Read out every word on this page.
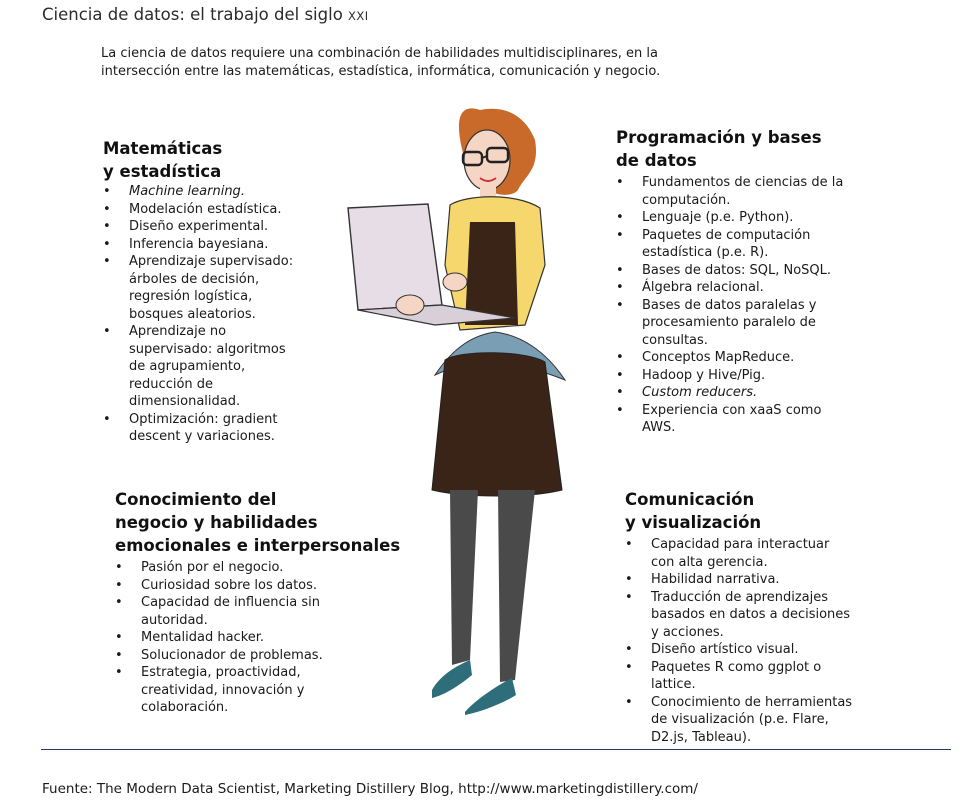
Ciencia de datos: el trabajo del siglo XXI
La ciencia de datos requiere una combinación de habilidades multidisciplinares, en la intersección entre las matemáticas, estadística, informática, comunicación y negocio.
Matemáticas
y estadística
• Machine learning.
• Modelación estadística.
• Diseño experimental.
• Inferencia bayesiana.
• Aprendizaje supervisado: árboles de decisión, regresión logística, bosques aleatorios.
• Aprendizaje no supervisado: algoritmos de agrupamiento, reducción de dimensionalidad.
• Optimización: gradient descent y variaciones.
Programación y bases
de datos
• Fundamentos de ciencias de la computación.
• Lenguaje (p.e. Python).
• Paquetes de computación estadística (p.e. R).
• Bases de datos: SQL, NoSQL.
• Álgebra relacional.
• Bases de datos paralelas y procesamiento paralelo de consultas.
• Conceptos MapReduce.
• Hadoop y Hive/Pig.
• Custom reducers.
• Experiencia con xaaS como AWS.
Conocimiento del
negocio y habilidades
emocionales e interpersonales
• Pasión por el negocio.
• Curiosidad sobre los datos.
• Capacidad de influencia sin autoridad.
• Mentalidad hacker.
• Solucionador de problemas.
• Estrategia, proactividad, creatividad, innovación y colaboración.
Comunicación
y visualización
• Capacidad para interactuar con alta gerencia.
• Habilidad narrativa.
• Traducción de aprendizajes basados en datos a decisiones y acciones.
• Diseño artístico visual.
• Paquetes R como ggplot o lattice.
• Conocimiento de herramientas de visualización (p.e. Flare, D2.js, Tableau).
Fuente: The Modern Data Scientist, Marketing Distillery Blog, http://www.marketingdistillery.com/
